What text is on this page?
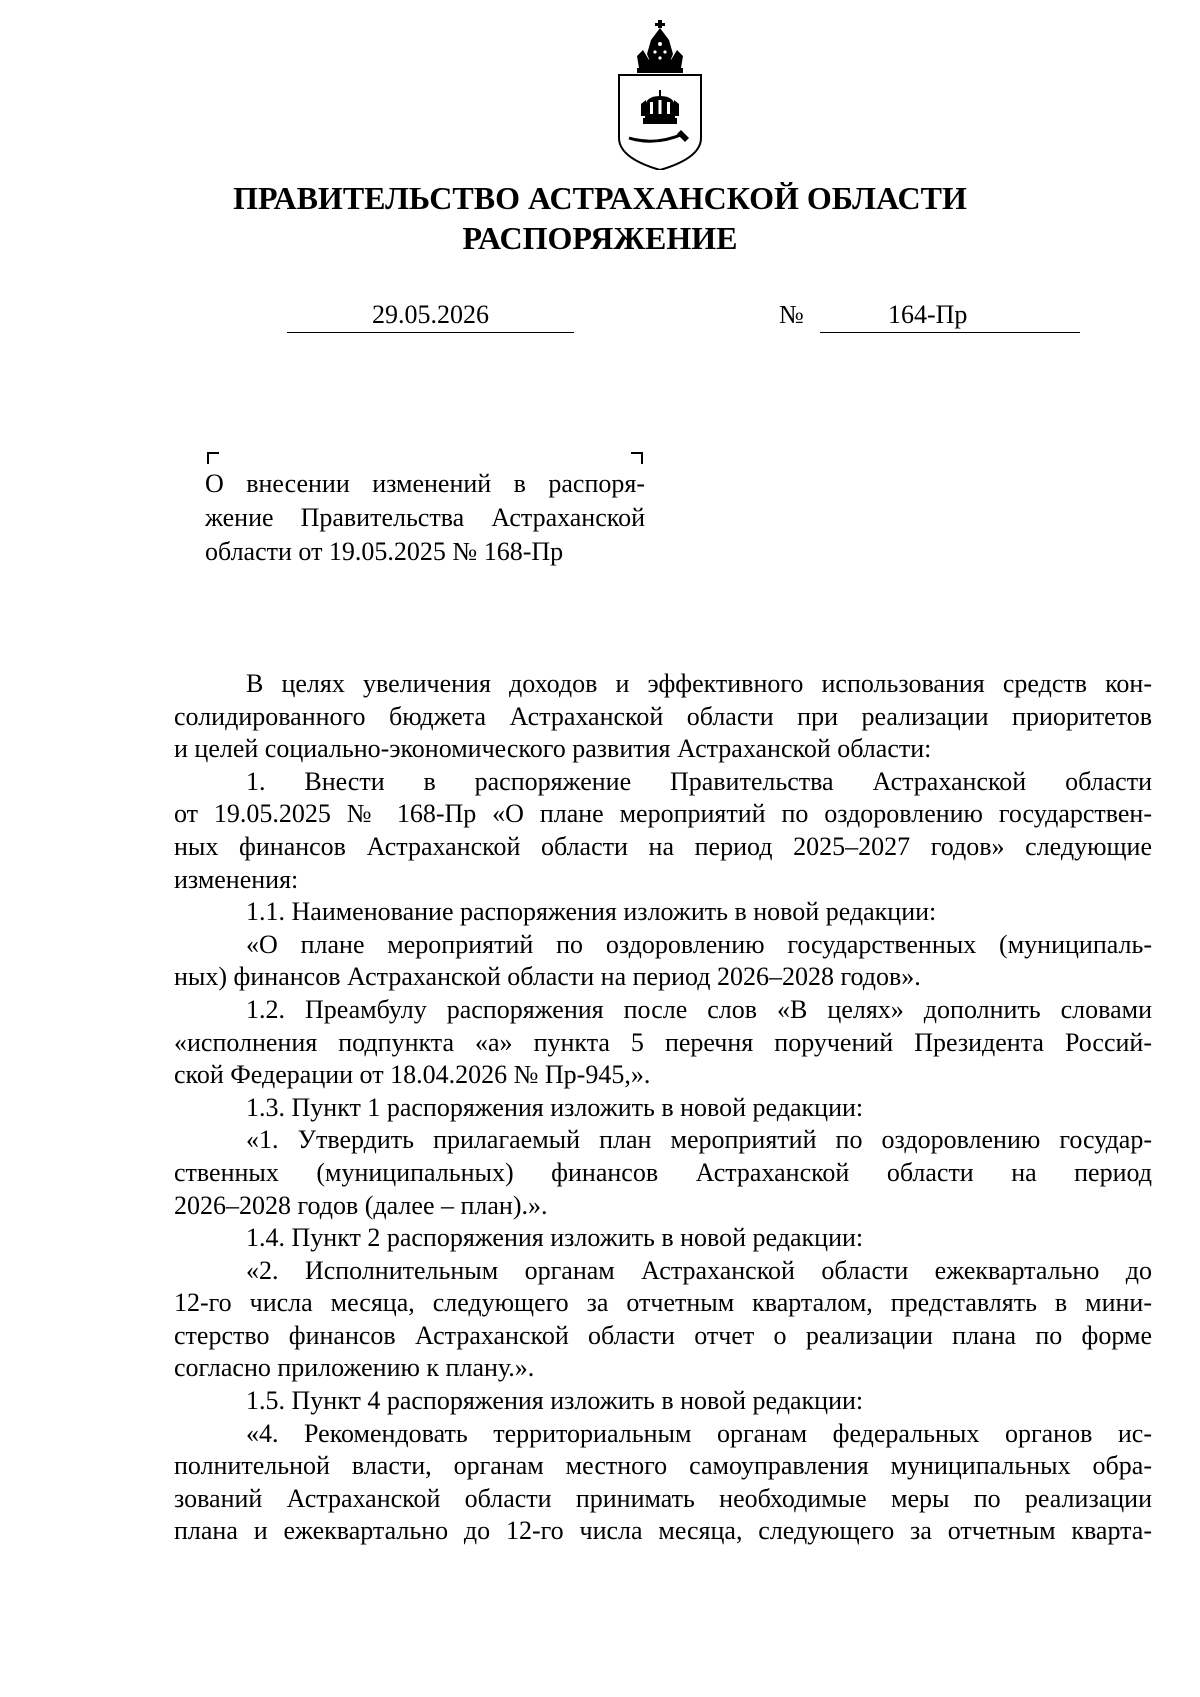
ПРАВИТЕЛЬСТВО АСТРАХАНСКОЙ ОБЛАСТИ
РАСПОРЯЖЕНИЕ
29.05.2026	№	164-Пр
О внесении изменений в распоря-
жение Правительства Астраханской
области от 19.05.2025 № 168-Пр
В целях увеличения доходов и эффективного использования средств кон-
солидированного бюджета Астраханской области при реализации приоритетов
и целей социально-экономического развития Астраханской области:
1. Внести в распоряжение Правительства Астраханской области
от 19.05.2025 № 168-Пр «О плане мероприятий по оздоровлению государствен-
ных финансов Астраханской области на период 2025–2027 годов» следующие
изменения:
1.1. Наименование распоряжения изложить в новой редакции:
«О плане мероприятий по оздоровлению государственных (муниципаль-
ных) финансов Астраханской области на период 2026–2028 годов».
1.2. Преамбулу распоряжения после слов «В целях» дополнить словами
«исполнения подпункта «а» пункта 5 перечня поручений Президента Россий-
ской Федерации от 18.04.2026 № Пр-945,».
1.3. Пункт 1 распоряжения изложить в новой редакции:
«1. Утвердить прилагаемый план мероприятий по оздоровлению государ-
ственных (муниципальных) финансов Астраханской области на период
2026–2028 годов (далее – план).».
1.4. Пункт 2 распоряжения изложить в новой редакции:
«2. Исполнительным органам Астраханской области ежеквартально до
12-го числа месяца, следующего за отчетным кварталом, представлять в мини-
стерство финансов Астраханской области отчет о реализации плана по форме
согласно приложению к плану.».
1.5. Пункт 4 распоряжения изложить в новой редакции:
«4. Рекомендовать территориальным органам федеральных органов ис-
полнительной власти, органам местного самоуправления муниципальных обра-
зований Астраханской области принимать необходимые меры по реализации
плана и ежеквартально до 12-го числа месяца, следующего за отчетным кварта-
